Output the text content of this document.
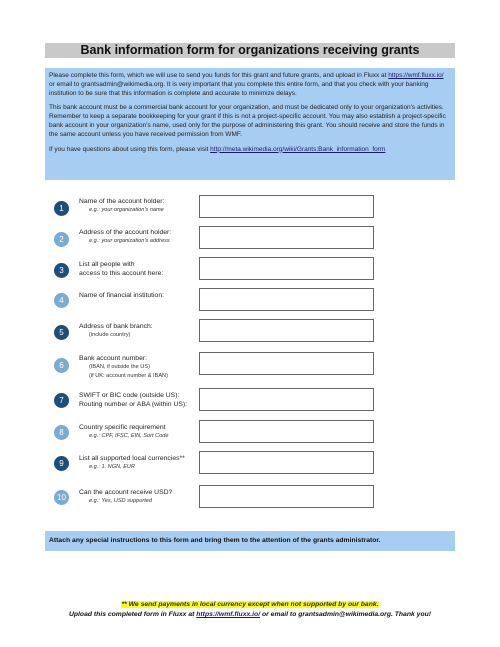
Bank information form for organizations receiving grants

Please complete this form, which we will use to send you funds for this grant and future grants, and upload in Fluxx at https://wmf.fluxx.io/ or email to grantsadmin@wikimedia.org. It is very important that you complete this entire form, and that you check with your banking institution to be sure that this information is complete and accurate to minimize delays.

This bank account must be a commercial bank account for your organization, and must be dedicated only to your organization's activities. Remember to keep a separate bookkeeping for your grant if this is not a project-specific account. You may also establish a project-specific bank account in your organization's name, used only for the purpose of administering this grant. You should receive and store the funds in the same account unless you have received permission from WMF.

If you have questions about using this form, please visit http://meta.wikimedia.org/wiki/Grants:Bank_information_form

1
Name of the account holder:
e.g.: your organization's name
2
Address of the account holder:
e.g.: your organization's address
3
List all people with
access to this account here:
4
Name of financial institution:
5
Address of bank branch:
(include country)
6
Bank account number:
(IBAN, if outside the US)
(if UK: account number & IBAN)
7
SWIFT or BIC code (outside US):
Routing number or ABA (within US):
8
Country specific requirement
e.g.: CPF, IFSC, EIN, Sort Code
9
List all supported local currencies**
e.g.: 1. NGN, EUR
10
Can the account receive USD?
e.g.: Yes, USD supported
Attach any special instructions to this form and bring them to the attention of the grants administrator.
** We send payments in local currency except when not supported by our bank.
Upload this completed form in Fluxx at https://wmf.fluxx.io/ or email to grantsadmin@wikimedia.org. Thank you!
